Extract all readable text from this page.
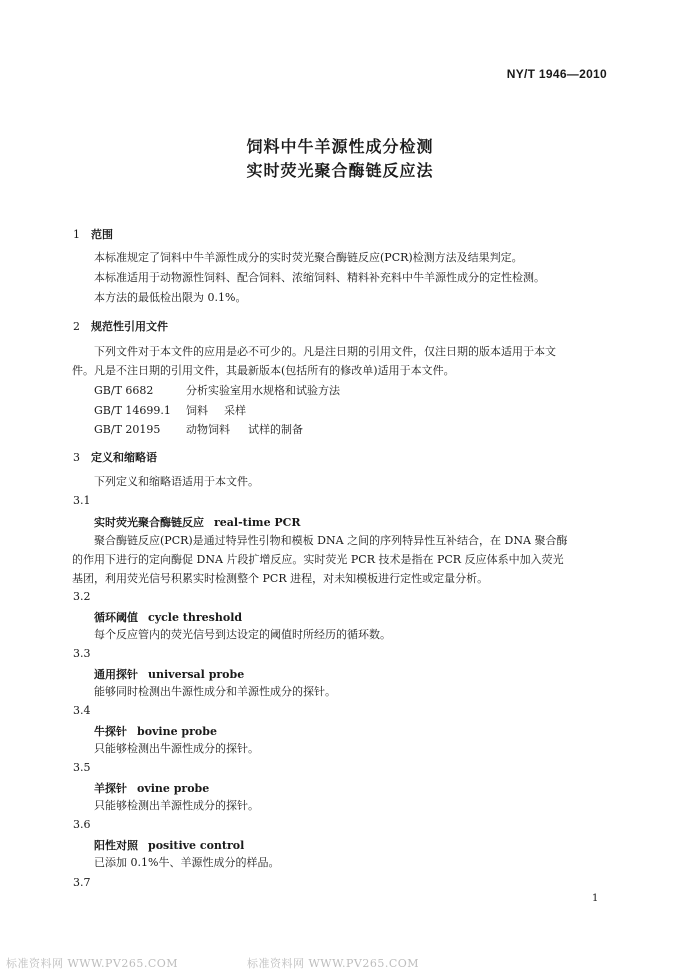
NY/T 1946—2010
饲料中牛羊源性成分检测
实时荧光聚合酶链反应法
1 范围
本标准规定了饲料中牛羊源性成分的实时荧光聚合酶链反应(PCR)检测方法及结果判定。
本标准适用于动物源性饲料、配合饲料、浓缩饲料、精料补充料中牛羊源性成分的定性检测。
本方法的最低检出限为 0.1%。
2 规范性引用文件
下列文件对于本文件的应用是必不可少的。凡是注日期的引用文件，仅注日期的版本适用于本文
件。凡是不注日期的引用文件，其最新版本(包括所有的修改单)适用于本文件。
GB/T 6682	分析实验室用水规格和试验方法
GB/T 14699.1 饲料 采样
GB/T 20195 动物饲料 试样的制备
3 定义和缩略语
下列定义和缩略语适用于本文件。
3.1
实时荧光聚合酶链反应 real-time PCR
聚合酶链反应(PCR)是通过特异性引物和模板 DNA 之间的序列特异性互补结合，在 DNA 聚合酶
的作用下进行的定向酶促 DNA 片段扩增反应。实时荧光 PCR 技术是指在 PCR 反应体系中加入荧光
基团，利用荧光信号积累实时检测整个 PCR 进程，对未知模板进行定性或定量分析。
3.2
循环阈值 cycle threshold
每个反应管内的荧光信号到达设定的阈值时所经历的循环数。
3.3
通用探针 universal probe
能够同时检测出牛源性成分和羊源性成分的探针。
3.4
牛探针 bovine probe
只能够检测出牛源性成分的探针。
3.5
羊探针 ovine probe
只能够检测出羊源性成分的探针。
3.6
阳性对照 positive control
已添加 0.1%牛、羊源性成分的样品。
3.7
1
标准资料网 WWW.PV265.COM	标准资料网 WWW.PV265.COM
